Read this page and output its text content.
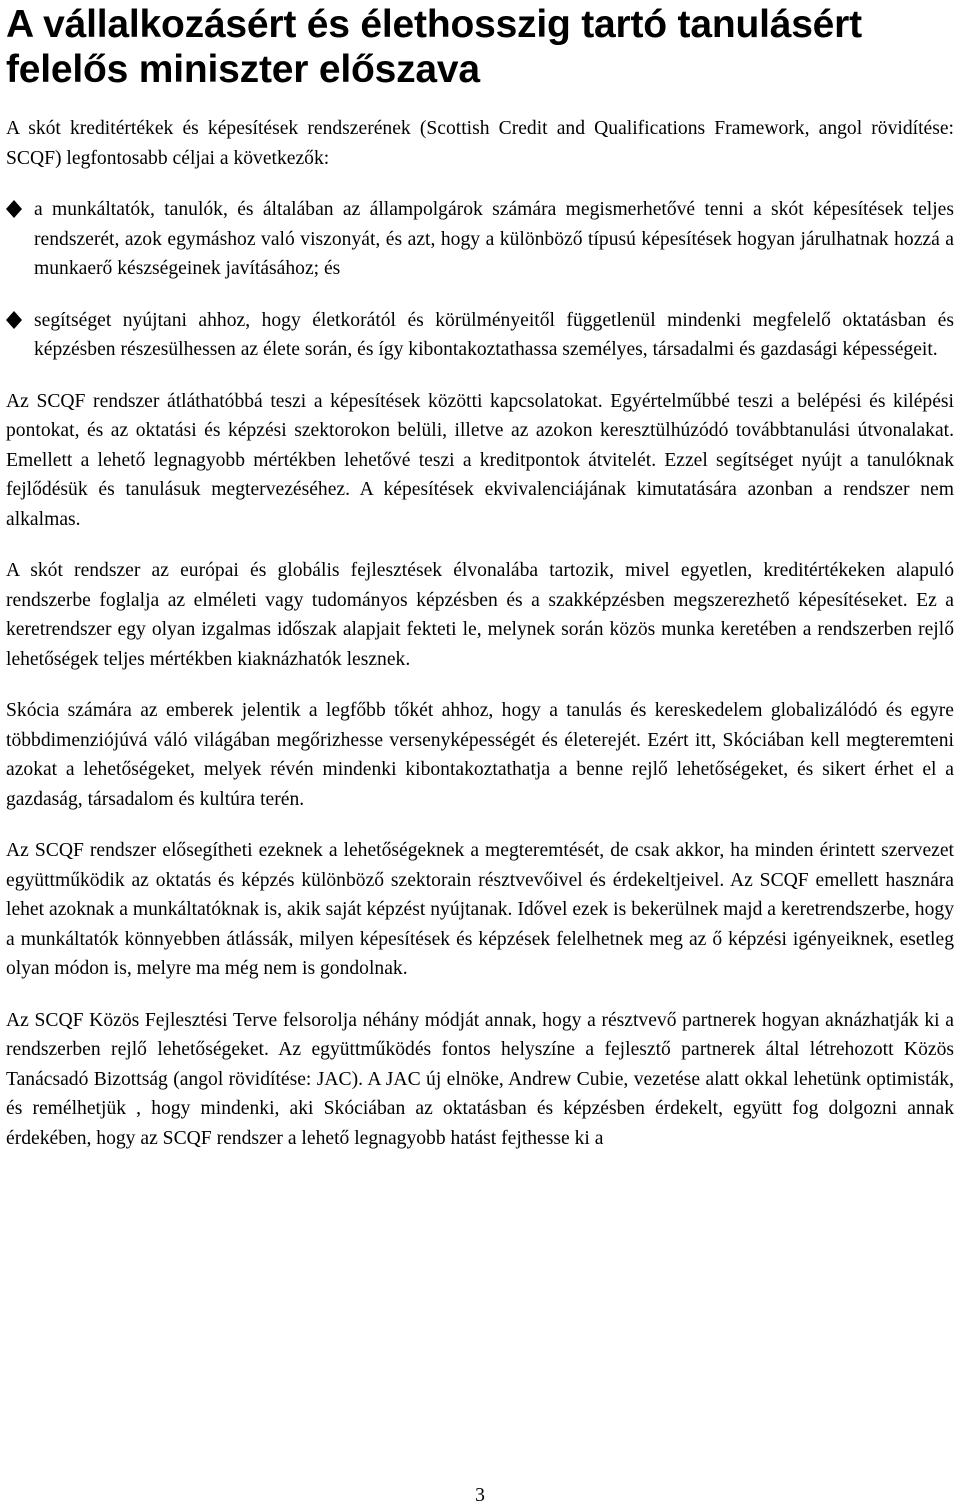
A vállalkozásért és élethosszig tartó tanulásért felelős miniszter előszava

A skót kreditértékek és képesítések rendszerének (Scottish Credit and Qualifications Framework, angol rövidítése: SCQF) legfontosabb céljai a következők:

a munkáltatók, tanulók, és általában az állampolgárok számára megismerhetővé tenni a skót képesítések teljes rendszerét, azok egymáshoz való viszonyát, és azt, hogy a különböző típusú képesítések hogyan járulhatnak hozzá a munkaerő készségeinek javításához; és
segítséget nyújtani ahhoz, hogy életkorától és körülményeitől függetlenül mindenki megfelelő oktatásban és képzésben részesülhessen az élete során, és így kibontakoztathassa személyes, társadalmi és gazdasági képességeit.

Az SCQF rendszer átláthatóbbá teszi a képesítések közötti kapcsolatokat. Egyértelműbbé teszi a belépési és kilépési pontokat, és az oktatási és képzési szektorokon belüli, illetve az azokon keresztülhúzódó továbbtanulási útvonalakat. Emellett a lehető legnagyobb mértékben lehetővé teszi a kreditpontok átvitelét. Ezzel segítséget nyújt a tanulóknak fejlődésük és tanulásuk megtervezéséhez. A képesítések ekvivalenciájának kimutatására azonban a rendszer nem alkalmas.

A skót rendszer az európai és globális fejlesztések élvonalába tartozik, mivel egyetlen, kreditértékeken alapuló rendszerbe foglalja az elméleti vagy tudományos képzésben és a szakképzésben megszerezhető képesítéseket. Ez a keretrendszer egy olyan izgalmas időszak alapjait fekteti le, melynek során közös munka keretében a rendszerben rejlő lehetőségek teljes mértékben kiaknázhatók lesznek.

Skócia számára az emberek jelentik a legfőbb tőkét ahhoz, hogy a tanulás és kereskedelem globalizálódó és egyre többdimenziójúvá váló világában megőrizhesse versenyképességét és életerejét. Ezért itt, Skóciában kell megteremteni azokat a lehetőségeket, melyek révén mindenki kibontakoztathatja a benne rejlő lehetőségeket, és sikert érhet el a gazdaság, társadalom és kultúra terén.

Az SCQF rendszer elősegítheti ezeknek a lehetőségeknek a megteremtését, de csak akkor, ha minden érintett szervezet együttműködik az oktatás és képzés különböző szektorain résztvevőivel és érdekeltjeivel. Az SCQF emellett hasznára lehet azoknak a munkáltatóknak is, akik saját képzést nyújtanak. Idővel ezek is bekerülnek majd a keretrendszerbe, hogy a munkáltatók könnyebben átlássák, milyen képesítések és képzések felelhetnek meg az ő képzési igényeiknek, esetleg olyan módon is, melyre ma még nem is gondolnak.

Az SCQF Közös Fejlesztési Terve felsorolja néhány módját annak, hogy a résztvevő partnerek hogyan aknázhatják ki a rendszerben rejlő lehetőségeket. Az együttműködés fontos helyszíne a fejlesztő partnerek által létrehozott Közös Tanácsadó Bizottság (angol rövidítése: JAC). A JAC új elnöke, Andrew Cubie, vezetése alatt okkal lehetünk optimisták, és remélhetjük , hogy mindenki, aki Skóciában az oktatásban és képzésben érdekelt, együtt fog dolgozni annak érdekében, hogy az SCQF rendszer a lehető legnagyobb hatást fejthesse ki a

3
